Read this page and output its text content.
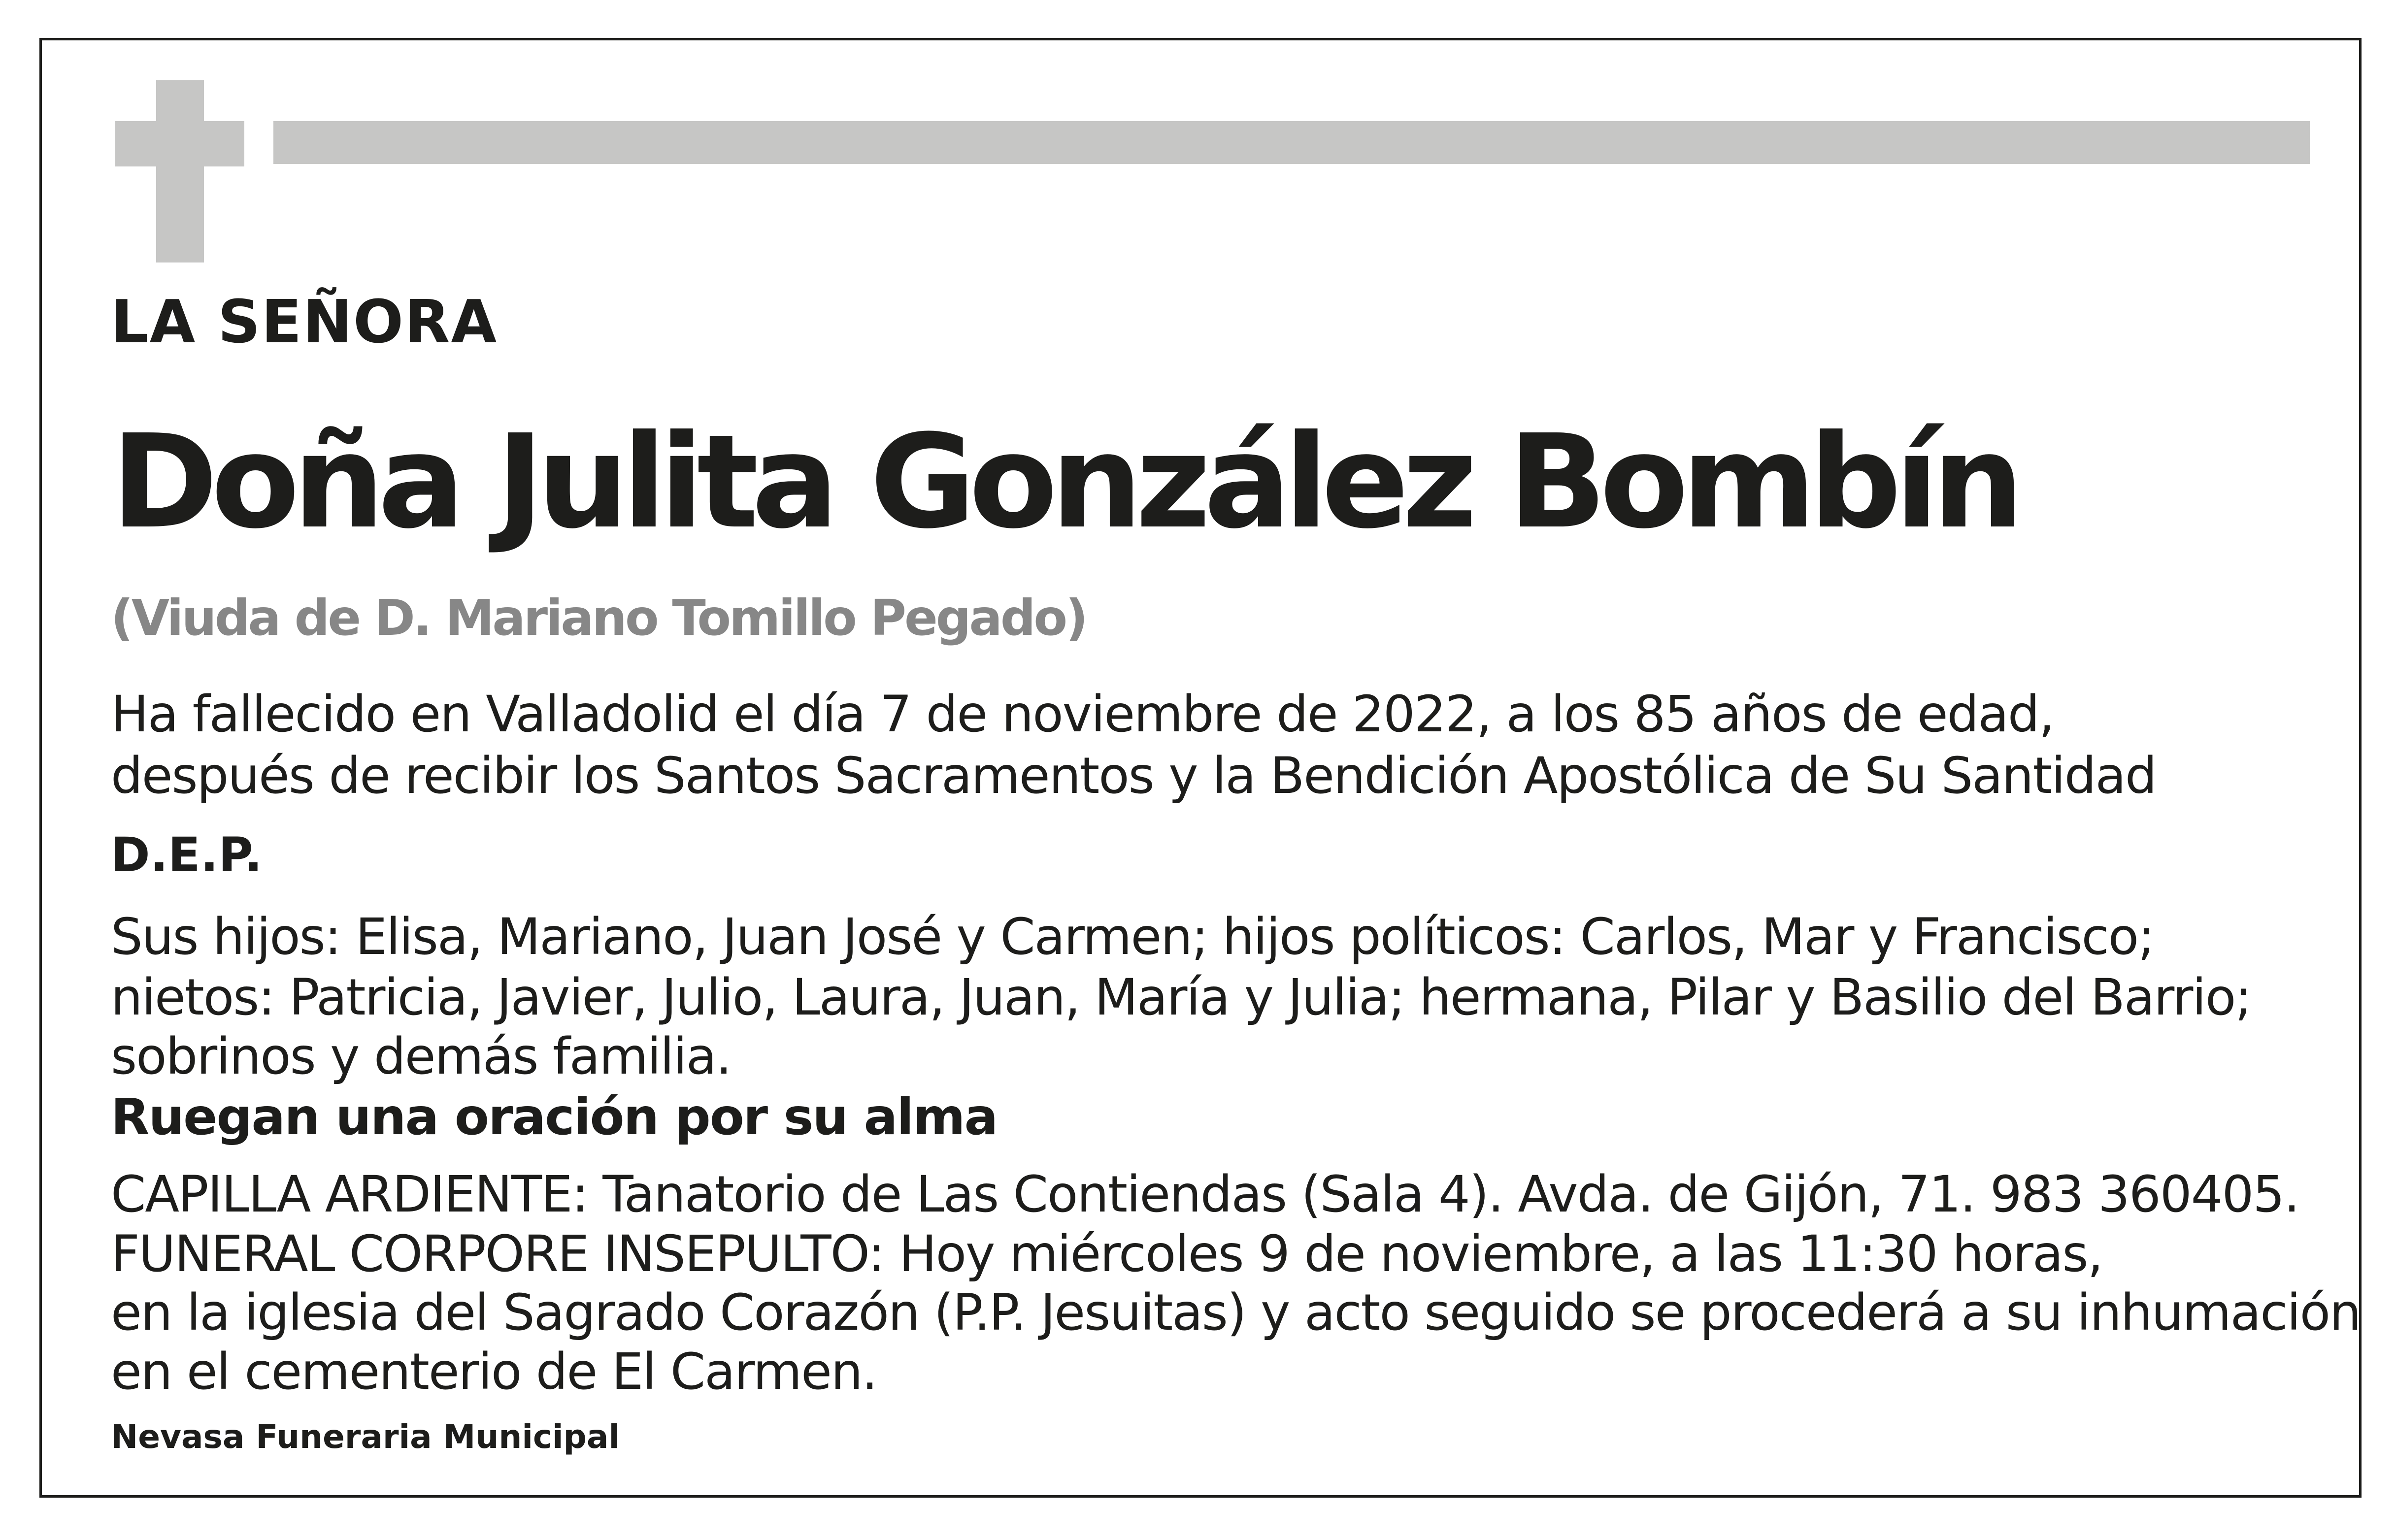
LA SEÑORA
Doña Julita González Bombín
(Viuda de D. Mariano Tomillo Pegado)
Ha fallecido en Valladolid el día 7 de noviembre de 2022, a los 85 años de edad,
después de recibir los Santos Sacramentos y la Bendición Apostólica de Su Santidad
D.E.P.
Sus hijos: Elisa, Mariano, Juan José y Carmen; hijos políticos: Carlos, Mar y Francisco;
nietos: Patricia, Javier, Julio, Laura, Juan, María y Julia; hermana, Pilar y Basilio del Barrio;
sobrinos y demás familia.
Ruegan una oración por su alma
CAPILLA ARDIENTE: Tanatorio de Las Contiendas (Sala 4). Avda. de Gijón, 71. 983 360405.
FUNERAL CORPORE INSEPULTO: Hoy miércoles 9 de noviembre, a las 11:30 horas,
en la iglesia del Sagrado Corazón (P.P. Jesuitas) y acto seguido se procederá a su inhumación
en el cementerio de El Carmen.
Nevasa Funeraria Municipal
